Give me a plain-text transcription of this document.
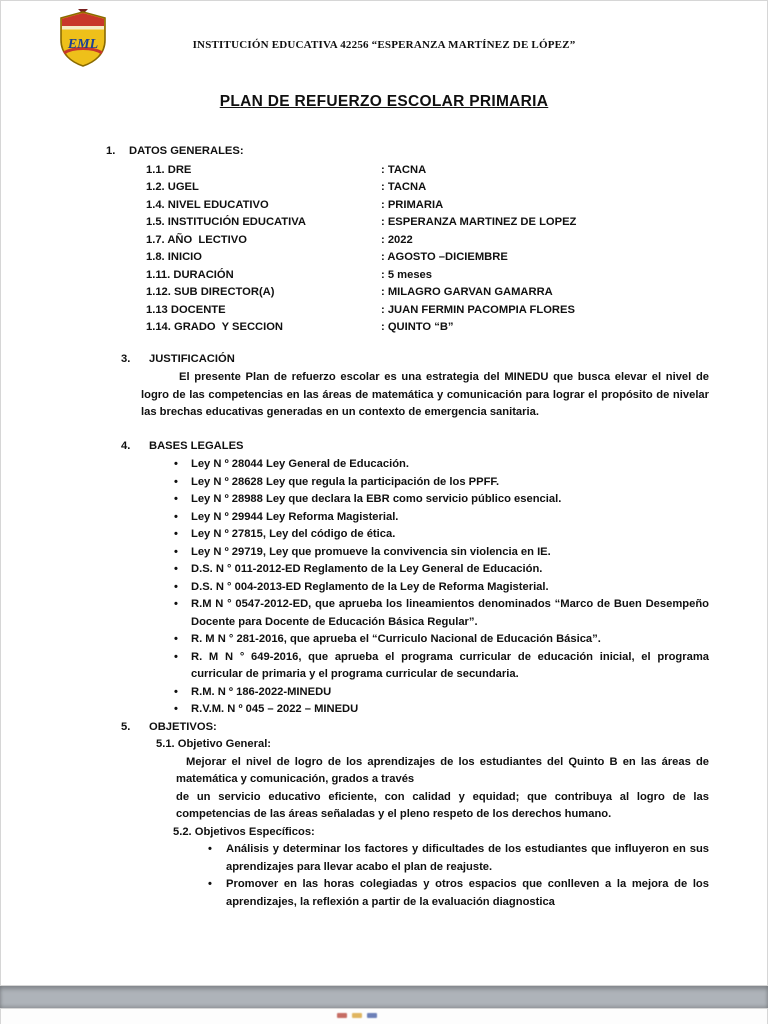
EML	INSTITUCIÓN EDUCATIVA 42256 “ESPERANZA MARTÍNEZ DE LÓPEZ”
PLAN DE REFUERZO ESCOLAR PRIMARIA
1.	DATOS GENERALES:
1.1. DRE	: TACNA
1.2. UGEL	: TACNA
1.4. NIVEL EDUCATIVO	: PRIMARIA
1.5. INSTITUCIÓN EDUCATIVA	: ESPERANZA MARTINEZ DE LOPEZ
1.7. AÑO  LECTIVO	: 2022
1.8. INICIO	: AGOSTO –DICIEMBRE
1.11. DURACIÓN	: 5 meses
1.12. SUB DIRECTOR(A)	: MILAGRO GARVAN GAMARRA
1.13 DOCENTE	: JUAN FERMIN PACOMPIA FLORES
1.14. GRADO  Y SECCION	: QUINTO “B”
3.	JUSTIFICACIÓN
El presente Plan de refuerzo escolar es una estrategia del MINEDU que busca elevar el nivel de logro de las competencias en las áreas de matemática y comunicación para lograr el propósito de nivelar las brechas educativas generadas en un contexto de emergencia sanitaria.
4.	BASES LEGALES
• Ley N º 28044 Ley General de Educación.
• Ley N º 28628 Ley que regula la participación de los PPFF.
• Ley N º 28988 Ley que declara la EBR como servicio público esencial.
• Ley N º 29944 Ley Reforma Magisterial.
• Ley N º 27815, Ley del código de ética.
• Ley N º 29719, Ley que promueve la convivencia sin violencia en IE.
• D.S. N ° 011-2012-ED Reglamento de la Ley General de Educación.
• D.S. N ° 004-2013-ED Reglamento de la Ley de Reforma Magisterial.
• R.M N ° 0547-2012-ED, que aprueba los lineamientos denominados “Marco de Buen Desempeño Docente para Docente de Educación Básica Regular”.
• R. M N ° 281-2016, que aprueba el “Curriculo Nacional de Educación Básica”.
• R. M N ° 649-2016, que aprueba el programa curricular de educación inicial, el programa curricular de primaria y el programa curricular de secundaria.
• R.M. N º 186-2022-MINEDU
• R.V.M. N º 045 – 2022 – MINEDU
5.	OBJETIVOS:
5.1. Objetivo General:
Mejorar el nivel de logro de los aprendizajes de los estudiantes del Quinto B en las áreas de matemática y comunicación, grados a través
de un servicio educativo eficiente, con calidad y equidad; que contribuya al logro de las competencias de las áreas señaladas y el pleno respeto de los derechos humano.
5.2. Objetivos Específicos:
• Análisis y determinar los factores y dificultades de los estudiantes que influyeron en sus aprendizajes para llevar acabo el plan de reajuste.
• Promover en las horas colegiadas y otros espacios que conlleven a la mejora de los aprendizajes, la reflexión a partir de la evaluación diagnostica
